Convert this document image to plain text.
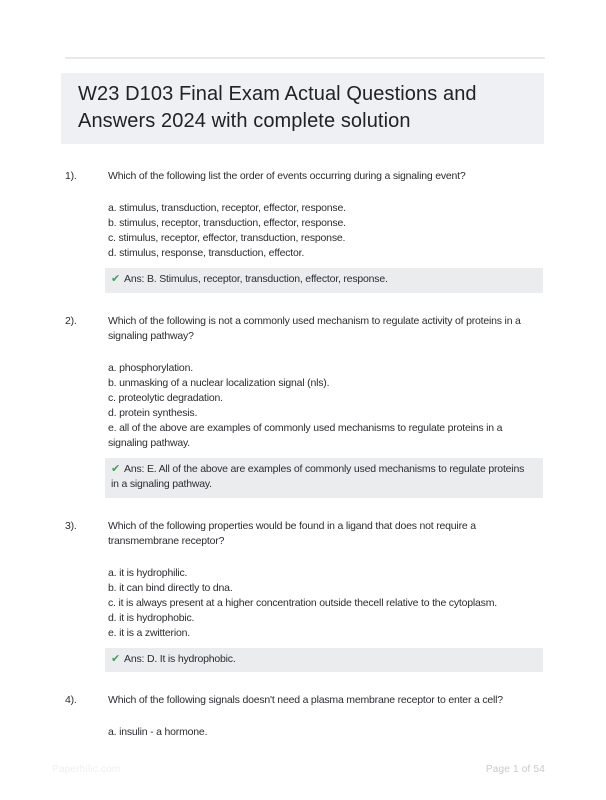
W23 D103 Final Exam Actual Questions and Answers 2024 with complete solution
1).	Which of the following list the order of events occurring during a signaling event?

a. stimulus, transduction, receptor, effector, response.
b. stimulus, receptor, transduction, effector, response.
c. stimulus, receptor, effector, transduction, response.
d. stimulus, response, transduction, effector.
✔ Ans: B. Stimulus, receptor, transduction, effector, response.
2).	Which of the following is not a commonly used mechanism to regulate activity of proteins in a signaling pathway?

a. phosphorylation.
b. unmasking of a nuclear localization signal (nls).
c. proteolytic degradation.
d. protein synthesis.
e. all of the above are examples of commonly used mechanisms to regulate proteins in a signaling pathway.
✔ Ans: E. All of the above are examples of commonly used mechanisms to regulate proteins in a signaling pathway.
3).	Which of the following properties would be found in a ligand that does not require a transmembrane receptor?

a. it is hydrophilic.
b. it can bind directly to dna.
c. it is always present at a higher concentration outside thecell relative to the cytoplasm.
d. it is hydrophobic.
e. it is a zwitterion.
✔ Ans: D. It is hydrophobic.
4).	Which of the following signals doesn't need a plasma membrane receptor to enter a cell?

a. insulin - a hormone.
Paperhilic.com	Page 1 of 54
